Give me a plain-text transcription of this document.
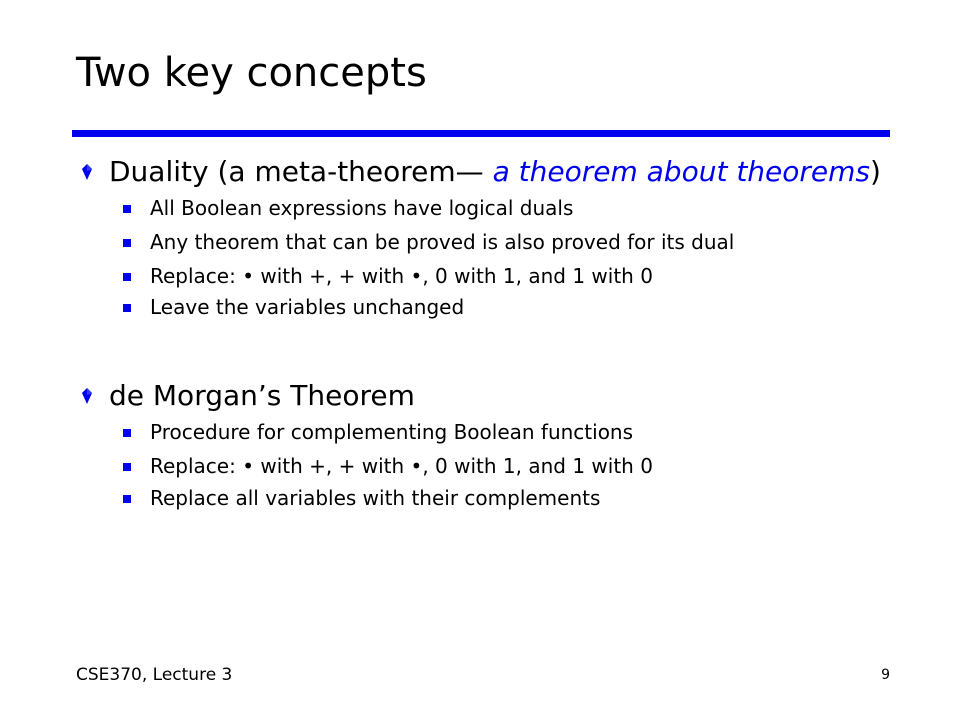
Two key concepts
Duality (a meta-theorem— a theorem about theorems)
All Boolean expressions have logical duals
Any theorem that can be proved is also proved for its dual
Replace: • with +, + with •, 0 with 1, and 1 with 0
Leave the variables unchanged
de Morgan’s Theorem
Procedure for complementing Boolean functions
Replace: • with +, + with •, 0 with 1, and 1 with 0
Replace all variables with their complements
CSE370, Lecture 3	9
